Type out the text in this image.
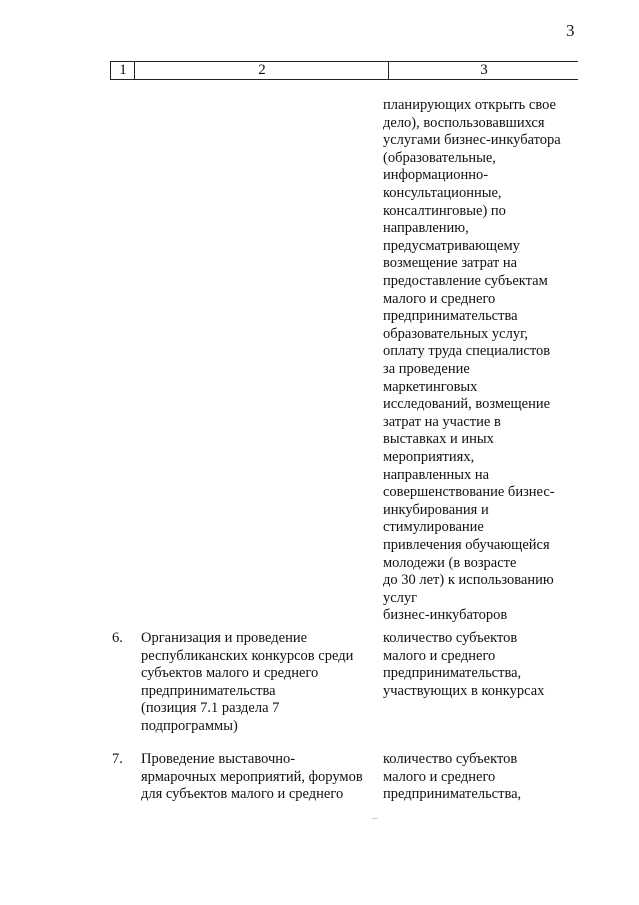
3
1	2	3
планирующих открыть свое
дело), воспользовавшихся
услугами бизнес-инкубатора
(образовательные,
информационно-
консультационные,
консалтинговые) по
направлению,
предусматривающему
возмещение затрат на
предоставление субъектам
малого и среднего
предпринимательства
образовательных услуг,
оплату труда специалистов
за проведение
маркетинговых
исследований, возмещение
затрат на участие в
выставках и иных
мероприятиях,
направленных на
совершенствование бизнес-
инкубирования и
стимулирование
привлечения обучающейся
молодежи (в возрасте
до 30 лет) к использованию
услуг
бизнес-инкубаторов
6. Организация и проведение
республиканских конкурсов среди
субъектов малого и среднего
предпринимательства
(позиция 7.1 раздела 7
подпрограммы)
количество субъектов
малого и среднего
предпринимательства,
участвующих в конкурсах
7. Проведение выставочно-
ярмарочных мероприятий, форумов
для субъектов малого и среднего
количество субъектов
малого и среднего
предпринимательства,
